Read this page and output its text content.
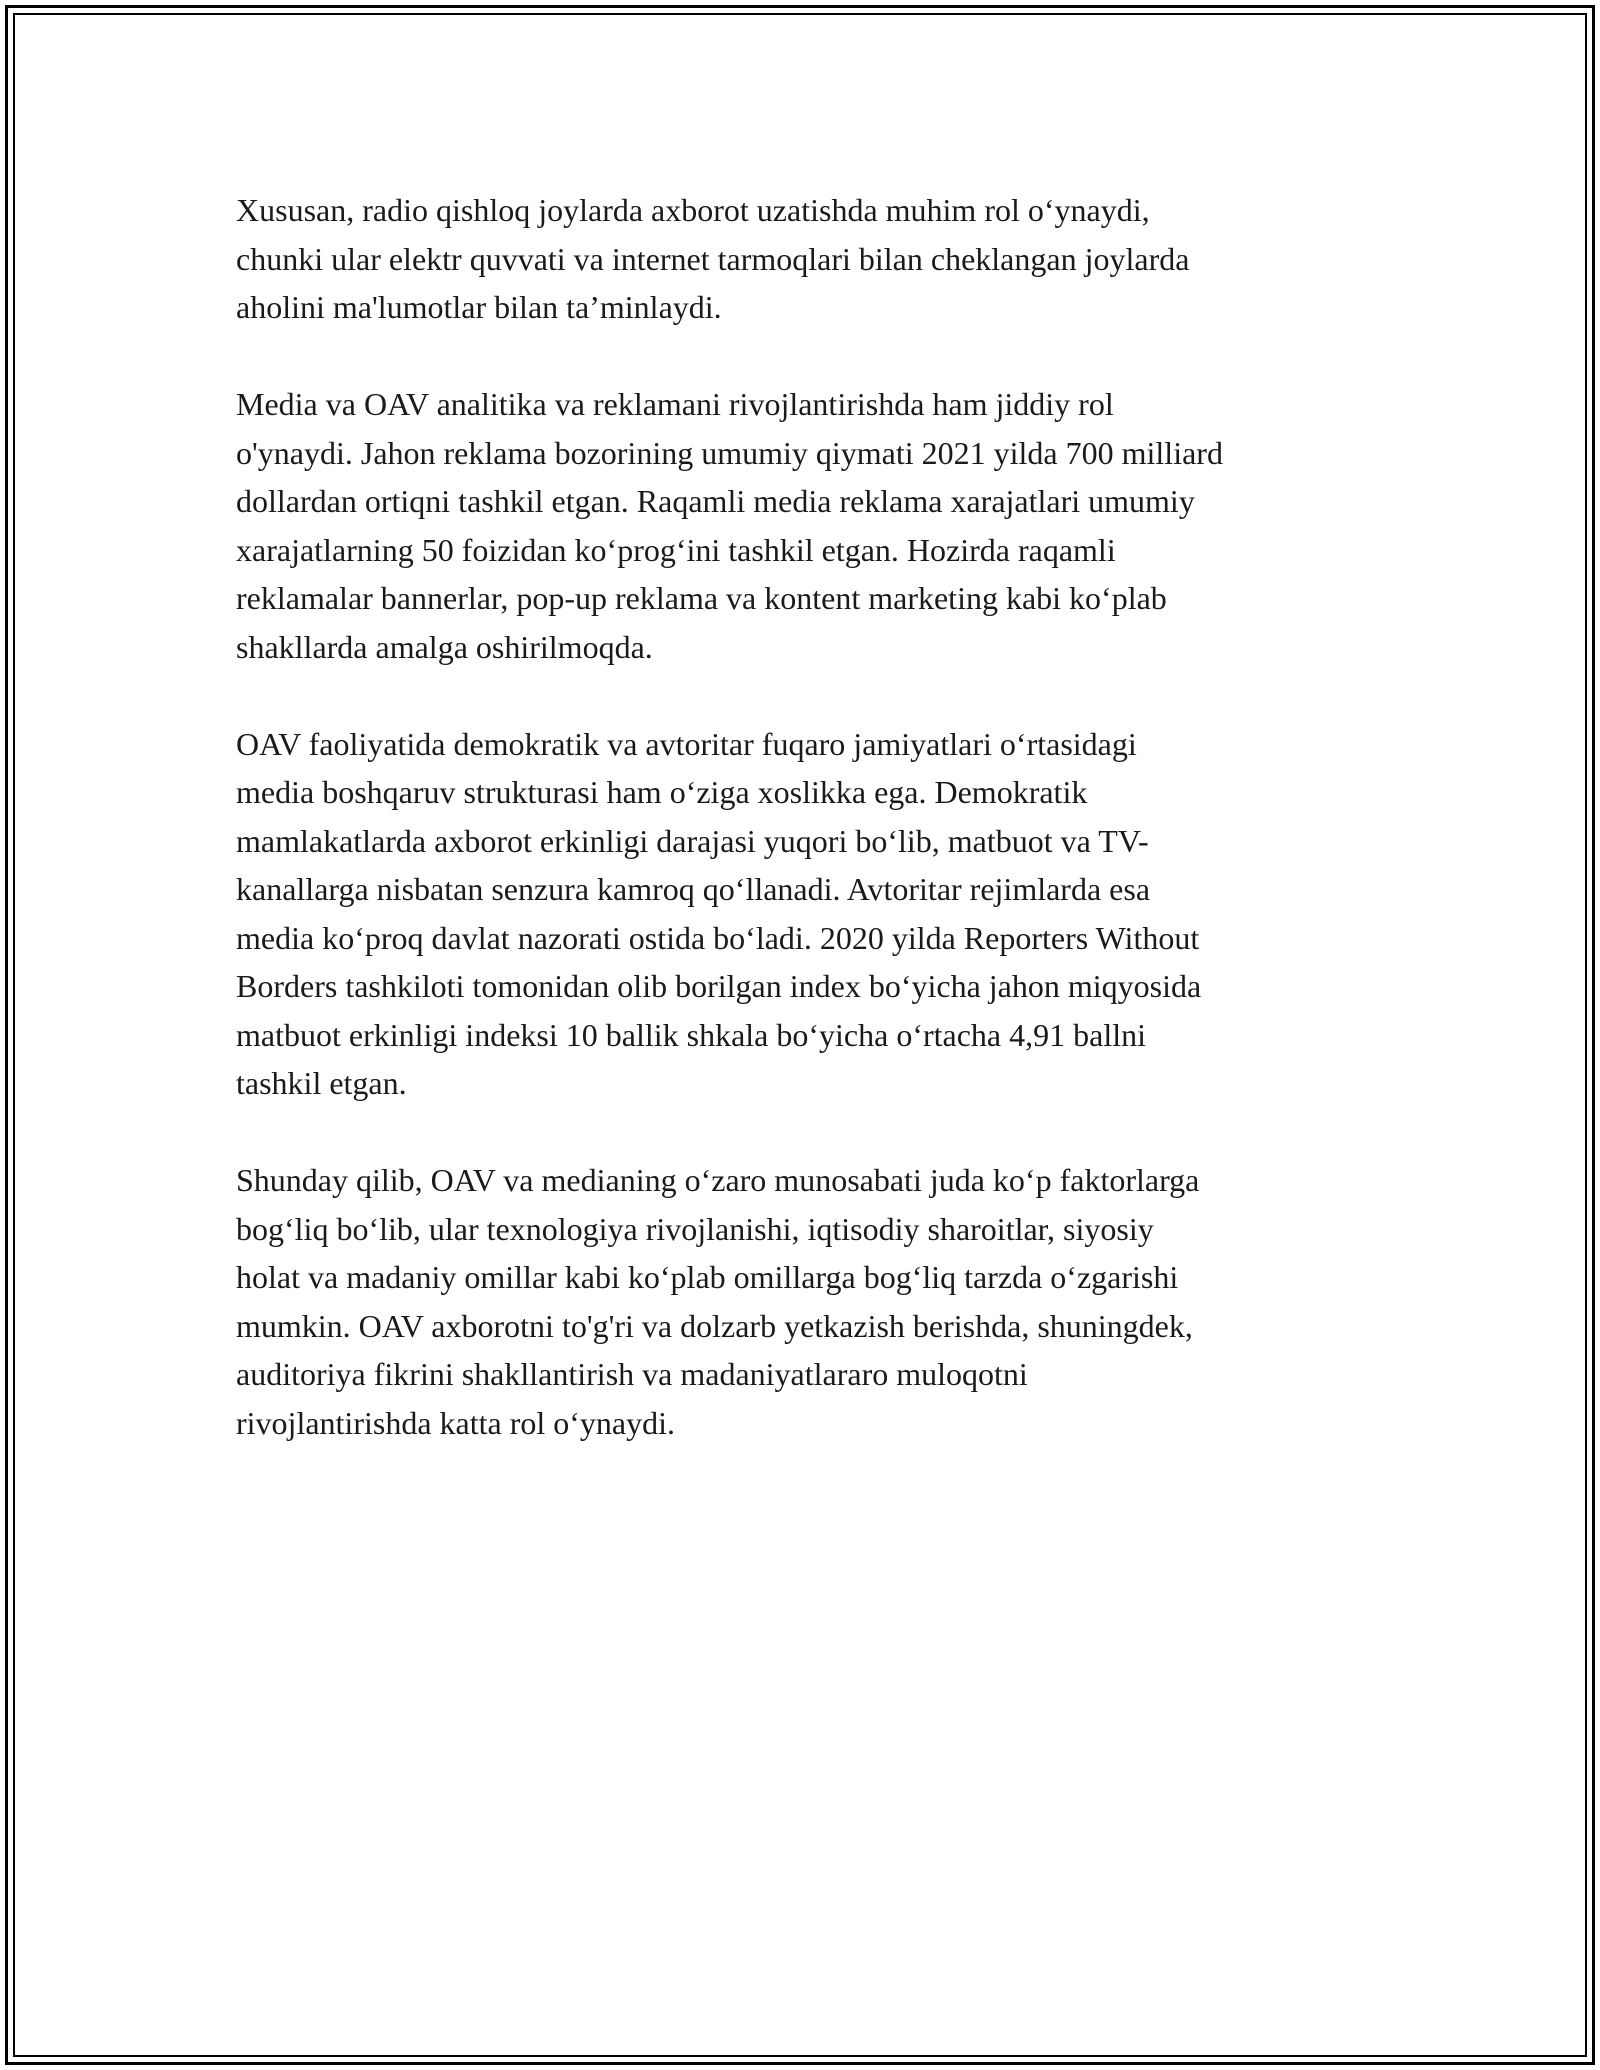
Xususan, radio qishloq joylarda axborot uzatishda muhim rol oʻynaydi,
chunki ular elektr quvvati va internet tarmoqlari bilan cheklangan joylarda
aholini ma'lumotlar bilan ta’minlaydi.

Media va OAV analitika va reklamani rivojlantirishda ham jiddiy rol
o'ynaydi. Jahon reklama bozorining umumiy qiymati 2021 yilda 700 milliard
dollardan ortiqni tashkil etgan. Raqamli media reklama xarajatlari umumiy
xarajatlarning 50 foizidan koʻprogʻini tashkil etgan. Hozirda raqamli
reklamalar bannerlar, pop-up reklama va kontent marketing kabi koʻplab
shakllarda amalga oshirilmoqda.

OAV faoliyatida demokratik va avtoritar fuqaro jamiyatlari oʻrtasidagi
media boshqaruv strukturasi ham oʻziga xoslikka ega. Demokratik
mamlakatlarda axborot erkinligi darajasi yuqori boʻlib, matbuot va TV-
kanallarga nisbatan senzura kamroq qoʻllanadi. Avtoritar rejimlarda esa
media koʻproq davlat nazorati ostida boʻladi. 2020 yilda Reporters Without
Borders tashkiloti tomonidan olib borilgan index boʻyicha jahon miqyosida
matbuot erkinligi indeksi 10 ballik shkala boʻyicha oʻrtacha 4,91 ballni
tashkil etgan.

Shunday qilib, OAV va medianing oʻzaro munosabati juda koʻp faktorlarga
bogʻliq boʻlib, ular texnologiya rivojlanishi, iqtisodiy sharoitlar, siyosiy
holat va madaniy omillar kabi koʻplab omillarga bogʻliq tarzda oʻzgarishi
mumkin. OAV axborotni to'g'ri va dolzarb yetkazish berishda, shuningdek,
auditoriya fikrini shakllantirish va madaniyatlararo muloqotni
rivojlantirishda katta rol oʻynaydi.
